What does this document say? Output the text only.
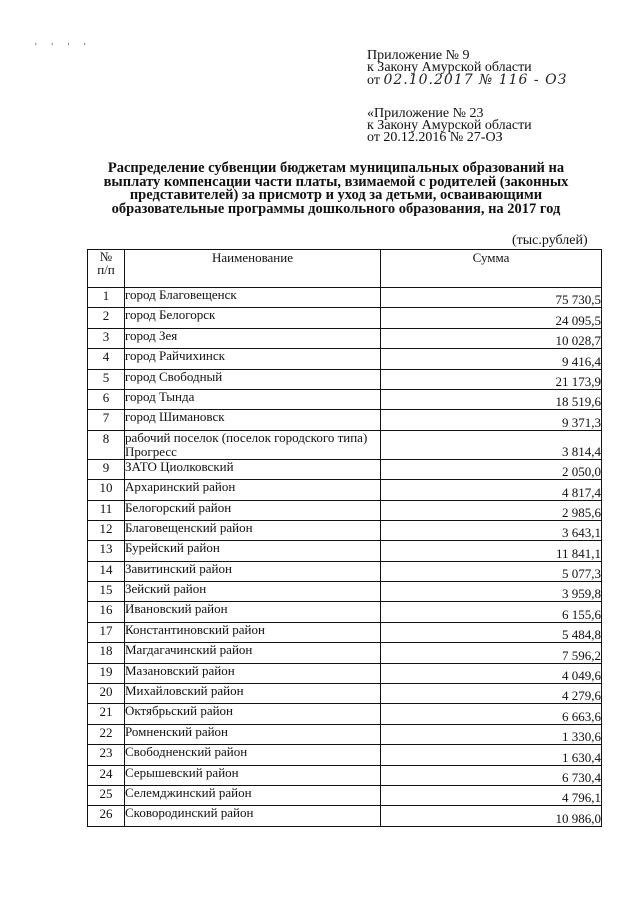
' ' ' '
Приложение № 9
к Закону Амурской области
от 02.10.2017 № 116 - ОЗ
«Приложение № 23
к Закону Амурской области
от 20.12.2016 № 27-ОЗ
Распределение субвенции бюджетам муниципальных образований на
выплату компенсации части платы, взимаемой с родителей (законных
представителей) за присмотр и уход за детьми, осваивающими
образовательные программы дошкольного образования, на 2017 год
(тыс.рублей)
№
п/п	Наименование	Сумма
1	город Благовещенск	75 730,5
2	город Белогорск	24 095,5
3	город Зея	10 028,7
4	город Райчихинск	9 416,4
5	город Свободный	21 173,9
6	город Тында	18 519,6
7	город Шимановск	9 371,3
8	рабочий поселок (поселок городского типа) Прогресс	3 814,4
9	ЗАТО Циолковский	2 050,0
10	Архаринский район	4 817,4
11	Белогорский район	2 985,6
12	Благовещенский район	3 643,1
13	Бурейский район	11 841,1
14	Завитинский район	5 077,3
15	Зейский район	3 959,8
16	Ивановский район	6 155,6
17	Константиновский район	5 484,8
18	Магдагачинский район	7 596,2
19	Мазановский район	4 049,6
20	Михайловский район	4 279,6
21	Октябрьский район	6 663,6
22	Ромненский район	1 330,6
23	Свободненский район	1 630,4
24	Серышевский район	6 730,4
25	Селемджинский район	4 796,1
26	Сковородинский район	10 986,0
